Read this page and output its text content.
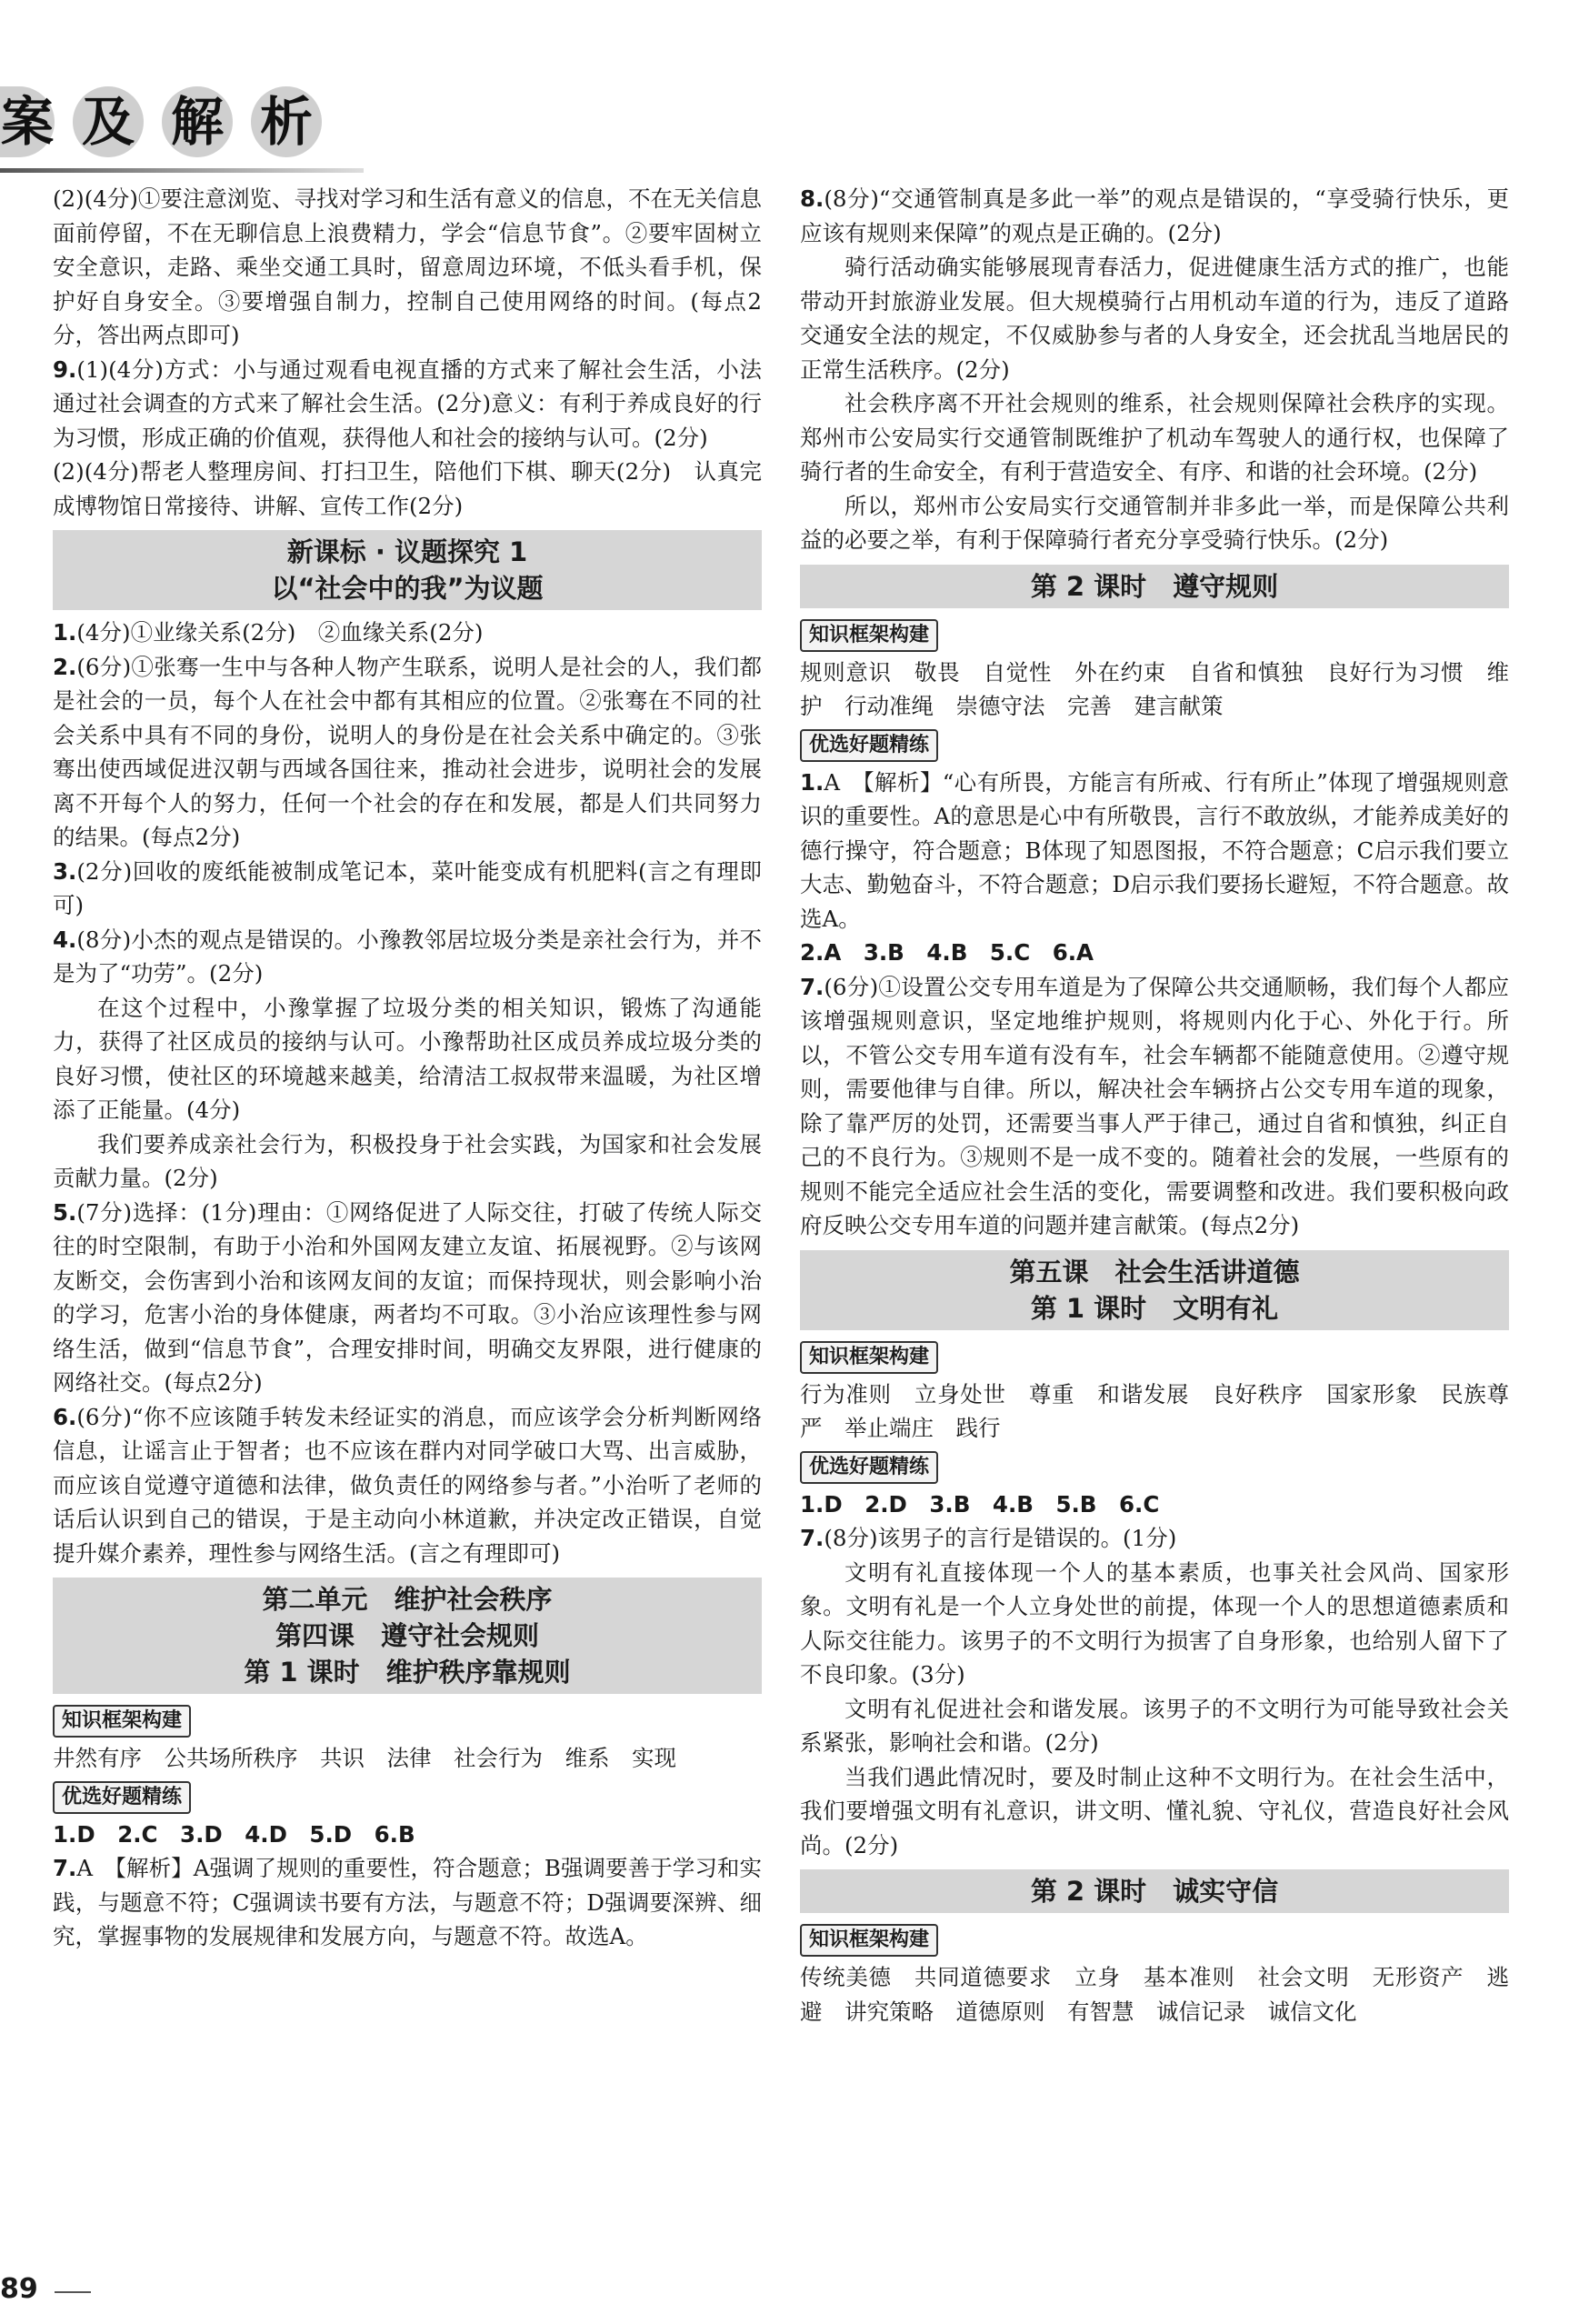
案 及 解 析

(2)(4分)①要注意浏览、寻找对学习和生活有意义的信息，不在无关信息面前停留，不在无聊信息上浪费精力，学会“信息节食”。②要牢固树立安全意识，走路、乘坐交通工具时，留意周边环境，不低头看手机，保护好自身安全。③要增强自制力，控制自己使用网络的时间。(每点2分，答出两点即可)

9.(1)(4分)方式：小与通过观看电视直播的方式来了解社会生活，小法通过社会调查的方式来了解社会生活。(2分)意义：有利于养成良好的行为习惯，形成正确的价值观，获得他人和社会的接纳与认可。(2分)

(2)(4分)帮老人整理房间、打扫卫生，陪他们下棋、聊天(2分)　认真完成博物馆日常接待、讲解、宣传工作(2分)

新课标 · 议题探究 1
以“社会中的我”为议题

1.(4分)①业缘关系(2分)　②血缘关系(2分)

2.(6分)①张骞一生中与各种人物产生联系，说明人是社会的人，我们都是社会的一员，每个人在社会中都有其相应的位置。②张骞在不同的社会关系中具有不同的身份，说明人的身份是在社会关系中确定的。③张骞出使西域促进汉朝与西域各国往来，推动社会进步，说明社会的发展离不开每个人的努力，任何一个社会的存在和发展，都是人们共同努力的结果。(每点2分)

3.(2分)回收的废纸能被制成笔记本，菜叶能变成有机肥料(言之有理即可)

4.(8分)小杰的观点是错误的。小豫教邻居垃圾分类是亲社会行为，并不是为了“功劳”。(2分)

在这个过程中，小豫掌握了垃圾分类的相关知识，锻炼了沟通能力，获得了社区成员的接纳与认可。小豫帮助社区成员养成垃圾分类的良好习惯，使社区的环境越来越美，给清洁工叔叔带来温暖，为社区增添了正能量。(4分)

我们要养成亲社会行为，积极投身于社会实践，为国家和社会发展贡献力量。(2分)

5.(7分)选择：(1分)理由：①网络促进了人际交往，打破了传统人际交往的时空限制，有助于小治和外国网友建立友谊、拓展视野。②与该网友断交，会伤害到小治和该网友间的友谊；而保持现状，则会影响小治的学习，危害小治的身体健康，两者均不可取。③小治应该理性参与网络生活，做到“信息节食”，合理安排时间，明确交友界限，进行健康的网络社交。(每点2分)

6.(6分)“你不应该随手转发未经证实的消息，而应该学会分析判断网络信息，让谣言止于智者；也不应该在群内对同学破口大骂、出言威胁，而应该自觉遵守道德和法律，做负责任的网络参与者。”小治听了老师的话后认识到自己的错误，于是主动向小林道歉，并决定改正错误，自觉提升媒介素养，理性参与网络生活。(言之有理即可)

第二单元　维护社会秩序
第四课　遵守社会规则
第 1 课时　维护秩序靠规则
知识框架构建

井然有序　公共场所秩序　共识　法律　社会行为　维系　实现

优选好题精练

1.D　2.C　3.D　4.D　5.D　6.B

7.A　【解析】A强调了规则的重要性，符合题意；B强调要善于学习和实践，与题意不符；C强调读书要有方法，与题意不符；D强调要深辨、细究，掌握事物的发展规律和发展方向，与题意不符。故选A。

8.(8分)“交通管制真是多此一举”的观点是错误的，“享受骑行快乐，更应该有规则来保障”的观点是正确的。(2分)

骑行活动确实能够展现青春活力，促进健康生活方式的推广，也能带动开封旅游业发展。但大规模骑行占用机动车道的行为，违反了道路交通安全法的规定，不仅威胁参与者的人身安全，还会扰乱当地居民的正常生活秩序。(2分)

社会秩序离不开社会规则的维系，社会规则保障社会秩序的实现。郑州市公安局实行交通管制既维护了机动车驾驶人的通行权，也保障了骑行者的生命安全，有利于营造安全、有序、和谐的社会环境。(2分)

所以，郑州市公安局实行交通管制并非多此一举，而是保障公共利益的必要之举，有利于保障骑行者充分享受骑行快乐。(2分)

第 2 课时　遵守规则
知识框架构建

规则意识　敬畏　自觉性　外在约束　自省和慎独　良好行为习惯　维护　行动准绳　崇德守法　完善　建言献策

优选好题精练

1.A　【解析】“心有所畏，方能言有所戒、行有所止”体现了增强规则意识的重要性。A的意思是心中有所敬畏，言行不敢放纵，才能养成美好的德行操守，符合题意；B体现了知恩图报，不符合题意；C启示我们要立大志、勤勉奋斗，不符合题意；D启示我们要扬长避短，不符合题意。故选A。

2.A　3.B　4.B　5.C　6.A

7.(6分)①设置公交专用车道是为了保障公共交通顺畅，我们每个人都应该增强规则意识，坚定地维护规则，将规则内化于心、外化于行。所以，不管公交专用车道有没有车，社会车辆都不能随意使用。②遵守规则，需要他律与自律。所以，解决社会车辆挤占公交专用车道的现象，除了靠严厉的处罚，还需要当事人严于律己，通过自省和慎独，纠正自己的不良行为。③规则不是一成不变的。随着社会的发展，一些原有的规则不能完全适应社会生活的变化，需要调整和改进。我们要积极向政府反映公交专用车道的问题并建言献策。(每点2分)

第五课　社会生活讲道德
第 1 课时　文明有礼
知识框架构建

行为准则　立身处世　尊重　和谐发展　良好秩序　国家形象　民族尊严　举止端庄　践行

优选好题精练

1.D　2.D　3.B　4.B　5.B　6.C

7.(8分)该男子的言行是错误的。(1分)

文明有礼直接体现一个人的基本素质，也事关社会风尚、国家形象。文明有礼是一个人立身处世的前提，体现一个人的思想道德素质和人际交往能力。该男子的不文明行为损害了自身形象，也给别人留下了不良印象。(3分)

文明有礼促进社会和谐发展。该男子的不文明行为可能导致社会关系紧张，影响社会和谐。(2分)

当我们遇此情况时，要及时制止这种不文明行为。在社会生活中，我们要增强文明有礼意识，讲文明、懂礼貌、守礼仪，营造良好社会风尚。(2分)

第 2 课时　诚实守信
知识框架构建

传统美德　共同道德要求　立身　基本准则　社会文明　无形资产　逃避　讲究策略　道德原则　有智慧　诚信记录　诚信文化

89
